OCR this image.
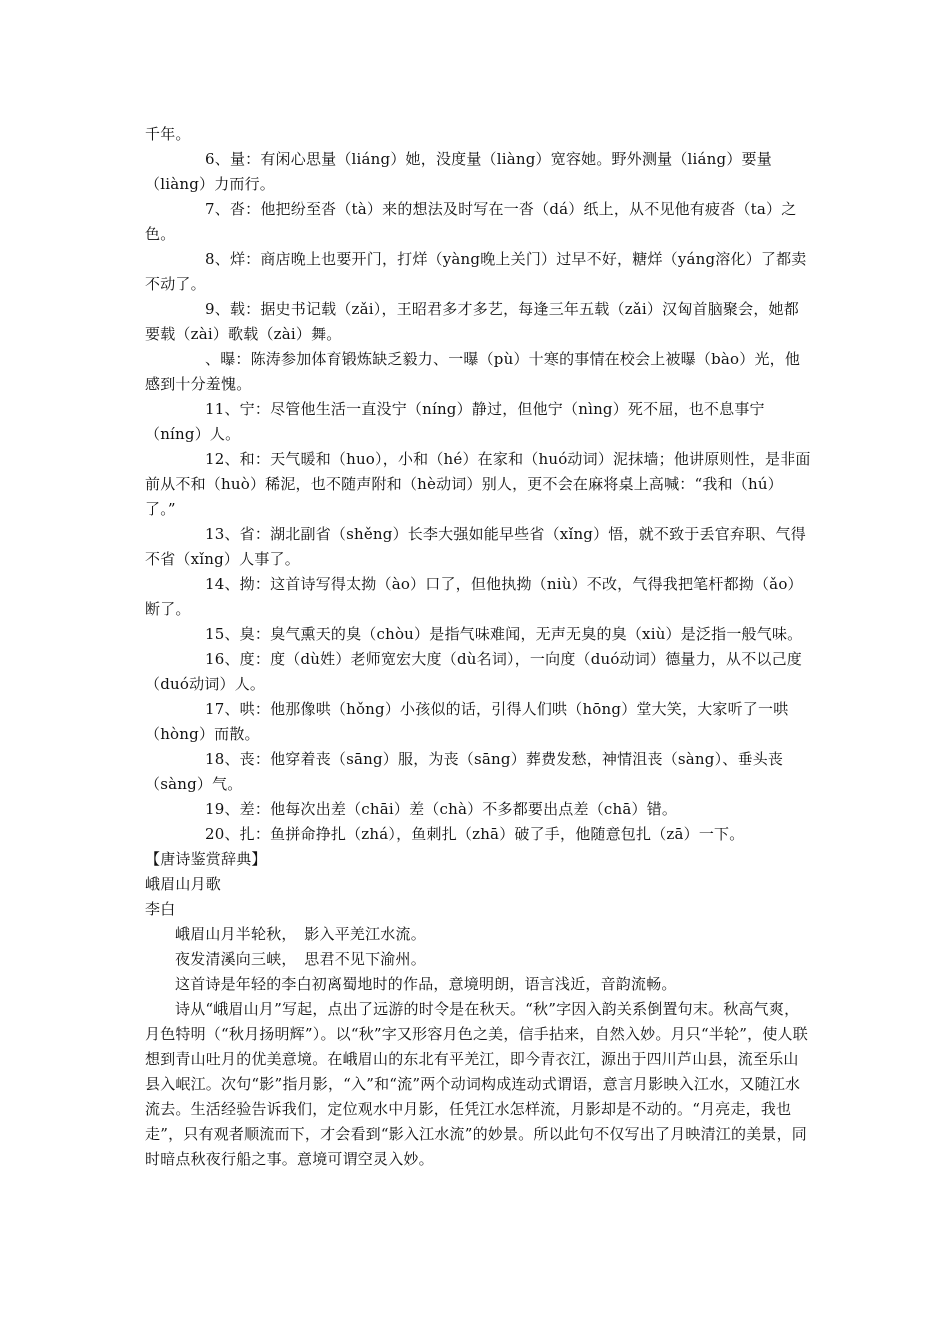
千年。

6、量：有闲心思量（liáng）她，没度量（liàng）宽容她。野外测量（liáng）要量（liàng）力而行。

7、沓：他把纷至沓（tà）来的想法及时写在一沓（dá）纸上，从不见他有疲沓（ta）之色。

8、烊：商店晚上也要开门，打烊（yàng晚上关门）过早不好，糖烊（yáng溶化）了都卖不动了。

9、载：据史书记载（zǎi），王昭君多才多艺，每逢三年五载（zǎi）汉匈首脑聚会，她都要载（zài）歌载（zài）舞。

、曝：陈涛参加体育锻炼缺乏毅力、一曝（pù）十寒的事情在校会上被曝（bào）光，他感到十分羞愧。

11、宁：尽管他生活一直没宁（níng）静过，但他宁（nìng）死不屈，也不息事宁（níng）人。

12、和：天气暖和（huo），小和（hé）在家和（huó动词）泥抹墙；他讲原则性，是非面前从不和（huò）稀泥，也不随声附和（hè动词）别人，更不会在麻将桌上高喊：“我和（hú）了。”

13、省：湖北副省（shěng）长李大强如能早些省（xǐng）悟，就不致于丢官弃职、气得不省（xǐng）人事了。

14、拗：这首诗写得太拗（ào）口了，但他执拗（niù）不改，气得我把笔杆都拗（ǎo）断了。

15、臭：臭气熏天的臭（chòu）是指气味难闻，无声无臭的臭（xiù）是泛指一般气味。

16、度：度（dù姓）老师宽宏大度（dù名词），一向度（duó动词）德量力，从不以己度（duó动词）人。

17、哄：他那像哄（hǒng）小孩似的话，引得人们哄（hōng）堂大笑，大家听了一哄（hòng）而散。

18、丧：他穿着丧（sāng）服，为丧（sāng）葬费发愁，神情沮丧（sàng）、垂头丧（sàng）气。

19、差：他每次出差（chāi）差（chà）不多都要出点差（chā）错。

20、扎：鱼拼命挣扎（zhá），鱼刺扎（zhā）破了手，他随意包扎（zā）一下。

【唐诗鉴赏辞典】

峨眉山月歌

李白

峨眉山月半轮秋，　影入平羌江水流。

夜发清溪向三峡，　思君不见下渝州。

这首诗是年轻的李白初离蜀地时的作品，意境明朗，语言浅近，音韵流畅。

诗从“峨眉山月”写起，点出了远游的时令是在秋天。“秋”字因入韵关系倒置句末。秋高气爽，月色特明（“秋月扬明辉”）。以“秋”字又形容月色之美，信手拈来，自然入妙。月只“半轮”，使人联想到青山吐月的优美意境。在峨眉山的东北有平羌江，即今青衣江，源出于四川芦山县，流至乐山县入岷江。次句“影”指月影，“入”和“流”两个动词构成连动式谓语，意言月影映入江水，又随江水流去。生活经验告诉我们，定位观水中月影，任凭江水怎样流，月影却是不动的。“月亮走，我也走”，只有观者顺流而下，才会看到“影入江水流”的妙景。所以此句不仅写出了月映清江的美景，同时暗点秋夜行船之事。意境可谓空灵入妙。
